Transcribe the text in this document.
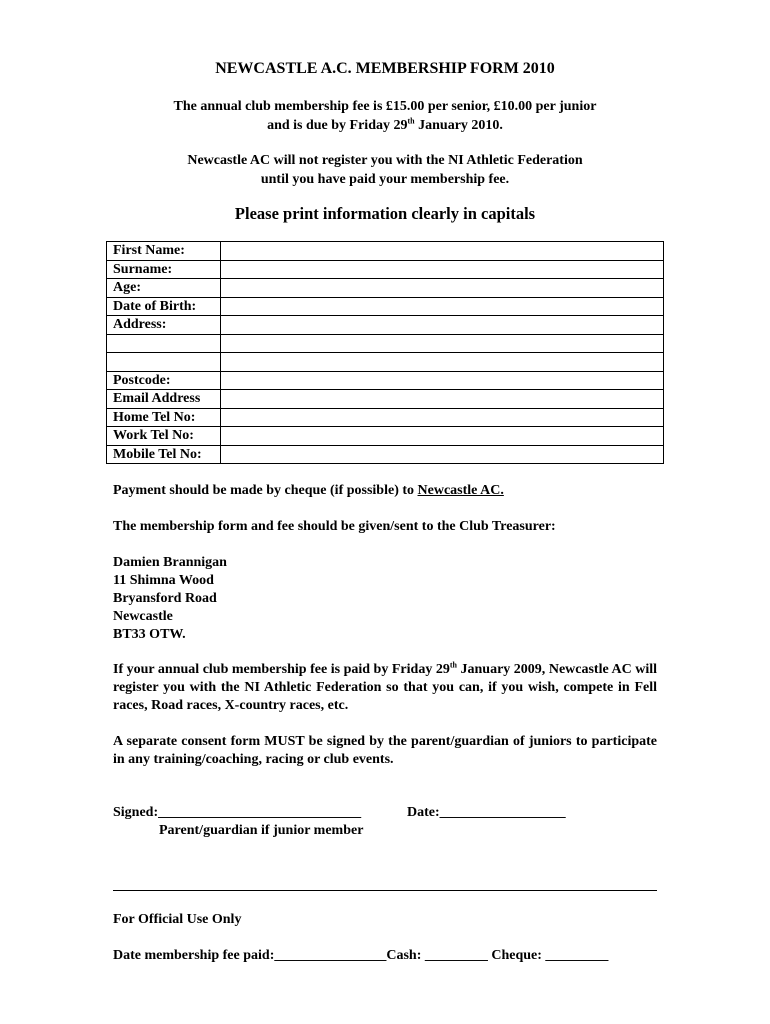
NEWCASTLE A.C. MEMBERSHIP FORM 2010
The annual club membership fee is £15.00 per senior, £10.00 per junior
and is due by Friday 29th January 2010.
Newcastle AC will not register you with the NI Athletic Federation
until you have paid your membership fee.
Please print information clearly in capitals
First Name:	
Surname:	
Age:	
Date of Birth:	
Address:	

Postcode:	
Email Address	
Home Tel No:	
Work Tel No:	
Mobile Tel No:	
Payment should be made by cheque (if possible) to Newcastle AC.
The membership form and fee should be given/sent to the Club Treasurer:
Damien Brannigan
11 Shimna Wood
Bryansford Road
Newcastle
BT33 OTW.
If your annual club membership fee is paid by Friday 29th January 2009, Newcastle AC will register you with the NI Athletic Federation so that you can, if you wish, compete in Fell races, Road races, X-country races, etc.
A separate consent form MUST be signed by the parent/guardian of juniors to participate in any training/coaching, racing or club events.
Signed:_____________________________	Date:__________________
Parent/guardian if junior member
For Official Use Only
Date membership fee paid:________________Cash: _________ Cheque: _________
